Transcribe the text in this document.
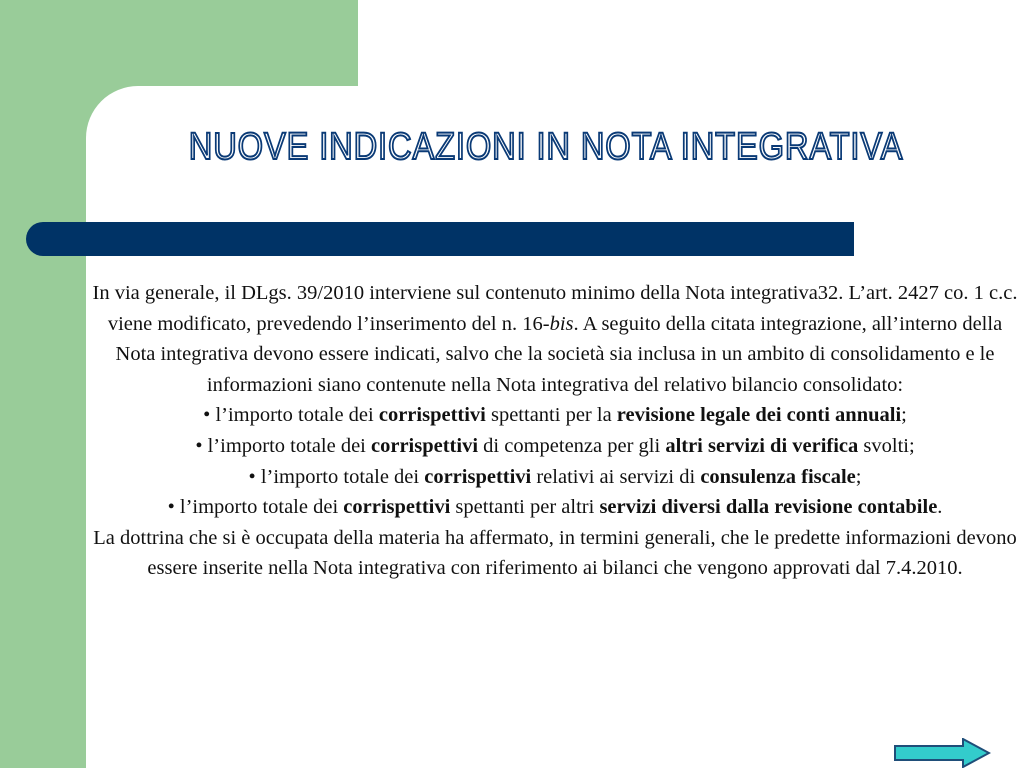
NUOVE INDICAZIONI IN NOTA INTEGRATIVA

In via generale, il DLgs. 39/2010 interviene sul contenuto minimo della Nota integrativa32. L’art. 2427 co. 1 c.c. viene modificato, prevedendo l’inserimento del n. 16-bis. A seguito della citata integrazione, all’interno della Nota integrativa devono essere indicati, salvo che la società sia inclusa in un ambito di consolidamento e le informazioni siano contenute nella Nota integrativa del relativo bilancio consolidato:

• l’importo totale dei corrispettivi spettanti per la revisione legale dei conti annuali;

• l’importo totale dei corrispettivi di competenza per gli altri servizi di verifica svolti;

• l’importo totale dei corrispettivi relativi ai servizi di consulenza fiscale;

• l’importo totale dei corrispettivi spettanti per altri servizi diversi dalla revisione contabile.

La dottrina che si è occupata della materia ha affermato, in termini generali, che le predette informazioni devono essere inserite nella Nota integrativa con riferimento ai bilanci che vengono approvati dal 7.4.2010.
